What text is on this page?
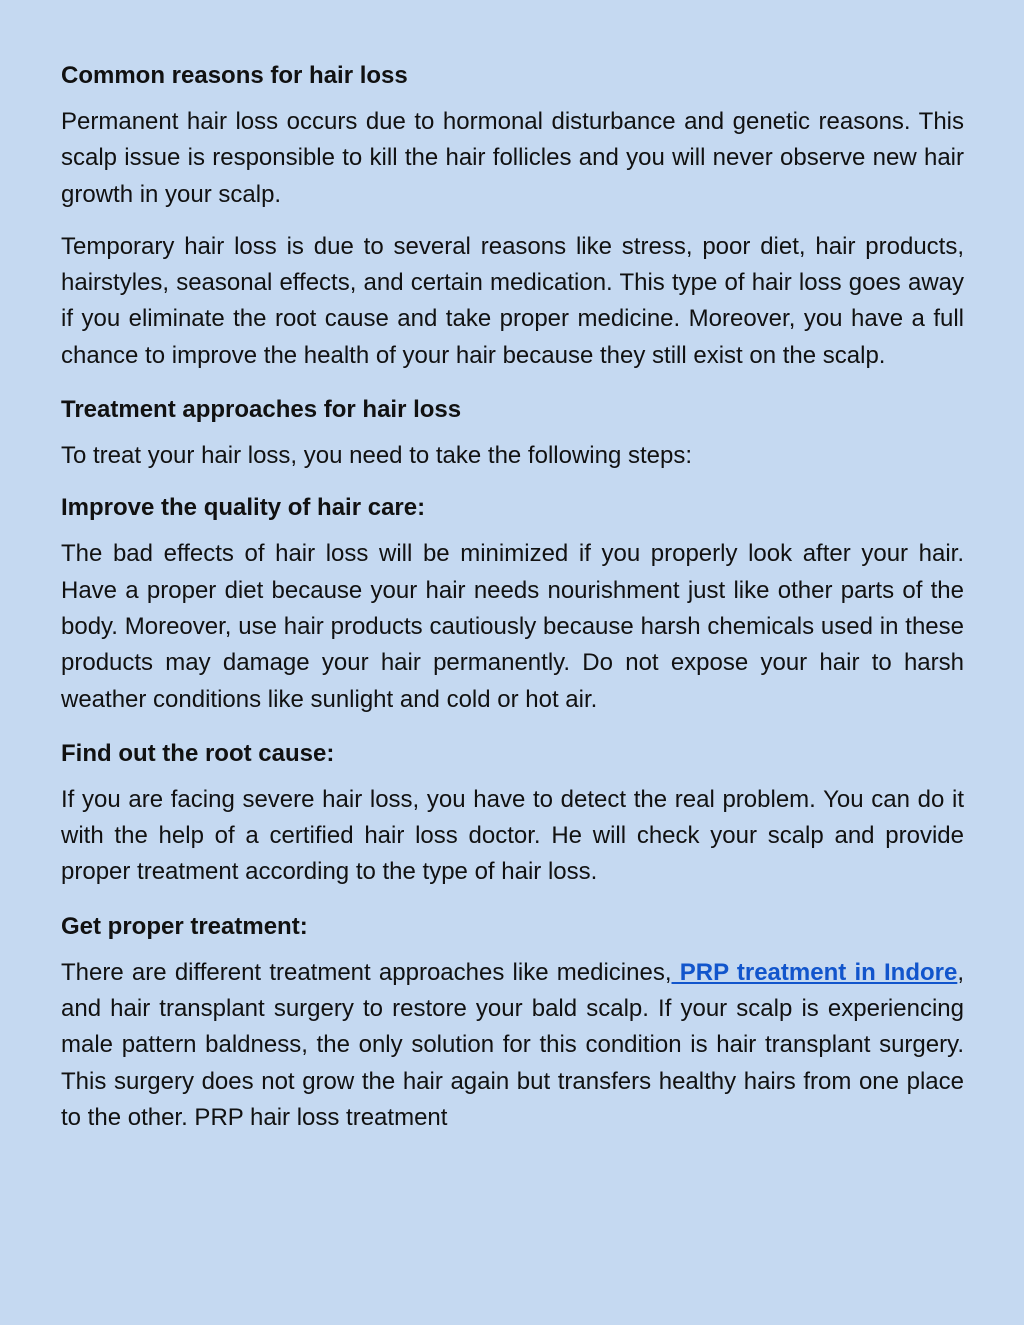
Common reasons for hair loss

Permanent hair loss occurs due to hormonal disturbance and genetic reasons. This scalp issue is responsible to kill the hair follicles and you will never observe new hair growth in your scalp.

Temporary hair loss is due to several reasons like stress, poor diet, hair products, hairstyles, seasonal effects, and certain medication. This type of hair loss goes away if you eliminate the root cause and take proper medicine. Moreover, you have a full chance to improve the health of your hair because they still exist on the scalp.

Treatment approaches for hair loss

To treat your hair loss, you need to take the following steps:

Improve the quality of hair care:

The bad effects of hair loss will be minimized if you properly look after your hair. Have a proper diet because your hair needs nourishment just like other parts of the body. Moreover, use hair products cautiously because harsh chemicals used in these products may damage your hair permanently. Do not expose your hair to harsh weather conditions like sunlight and cold or hot air.

Find out the root cause:

If you are facing severe hair loss, you have to detect the real problem. You can do it with the help of a certified hair loss doctor. He will check your scalp and provide proper treatment according to the type of hair loss.

Get proper treatment:

There are different treatment approaches like medicines, PRP treatment in Indore, and hair transplant surgery to restore your bald scalp. If your scalp is experiencing male pattern baldness, the only solution for this condition is hair transplant surgery. This surgery does not grow the hair again but transfers healthy hairs from one place to the other. PRP hair loss treatment
